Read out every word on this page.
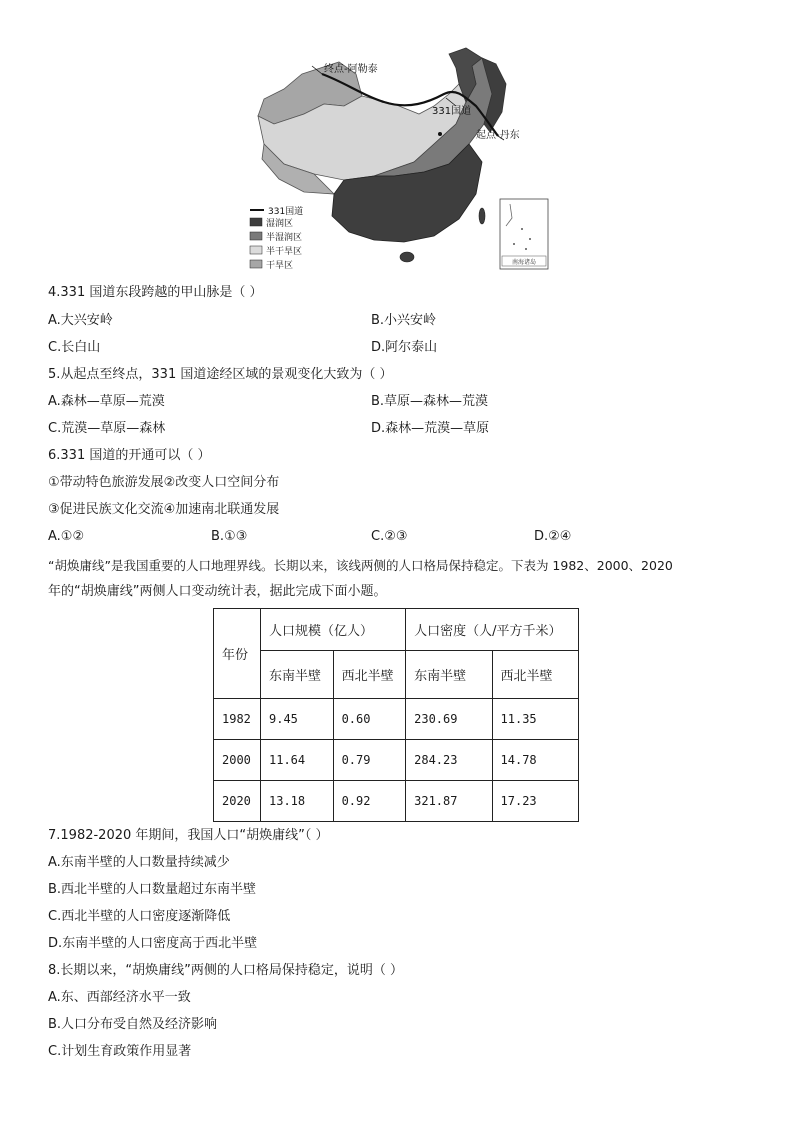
南海诸岛
终点-阿勒泰
331国道
起点-丹东
331国道
湿润区
半湿润区
半干旱区
干旱区
4.331 国道东段跨越的甲山脉是（ ）
A.大兴安岭	B.小兴安岭
C.长白山	D.阿尔泰山
5.从起点至终点，331 国道途经区域的景观变化大致为（ ）
A.森林—草原—荒漠	B.草原—森林—荒漠
C.荒漠—草原—森林	D.森林—荒漠—草原
6.331 国道的开通可以（ ）
①带动特色旅游发展②改变人口空间分布
③促进民族文化交流④加速南北联通发展
A.①②	B.①③	C.②③	D.②④
“胡焕庸线”是我国重要的人口地理界线。长期以来，该线两侧的人口格局保持稳定。下表为 1982、2000、2020
年的“胡焕庸线”两侧人口变动统计表，据此完成下面小题。
年份	人口规模（亿人）		人口密度（人/平方千米）	
	东南半壁	西北半壁	东南半壁	西北半壁
1982	9.45	0.60	230.69	11.35
2000	11.64	0.79	284.23	14.78
2020	13.18	0.92	321.87	17.23
7.1982-2020 年期间，我国人口“胡焕庸线”（ ）
A.东南半壁的人口数量持续减少
B.西北半壁的人口数量超过东南半壁
C.西北半壁的人口密度逐渐降低
D.东南半壁的人口密度高于西北半壁
8.长期以来，“胡焕庸线”两侧的人口格局保持稳定，说明（ ）
A.东、西部经济水平一致
B.人口分布受自然及经济影响
C.计划生育政策作用显著
